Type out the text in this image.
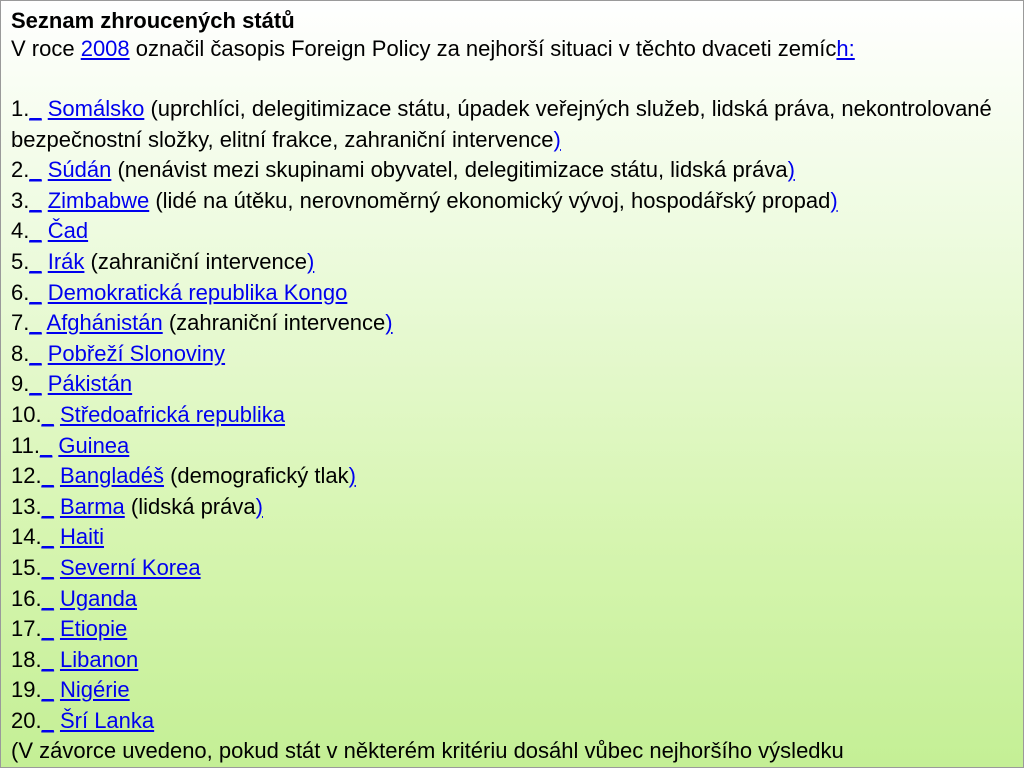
Seznam zhroucených států
V roce 2008 označil časopis Foreign Policy za nejhorší situaci v těchto dvaceti zemích:
1._ Somálsko (uprchlíci, delegitimizace státu, úpadek veřejných služeb, lidská práva, nekontrolované bezpečnostní složky, elitní frakce, zahraniční intervence)
2._ Súdán (nenávist mezi skupinami obyvatel, delegitimizace státu, lidská práva)
3._ Zimbabwe (lidé na útěku, nerovnoměrný ekonomický vývoj, hospodářský propad)
4._ Čad
5._ Irák (zahraniční intervence)
6._ Demokratická republika Kongo
7._ Afghánistán (zahraniční intervence)
8._ Pobřeží Slonoviny
9._ Pákistán
10._ Středoafrická republika
11._ Guinea
12._ Bangladéš (demografický tlak)
13._ Barma (lidská práva)
14._ Haiti
15._ Severní Korea
16._ Uganda
17._ Etiopie
18._ Libanon
19._ Nigérie
20._ Šrí Lanka
(V závorce uvedeno, pokud stát v některém kritériu dosáhl vůbec nejhoršího výsledku
